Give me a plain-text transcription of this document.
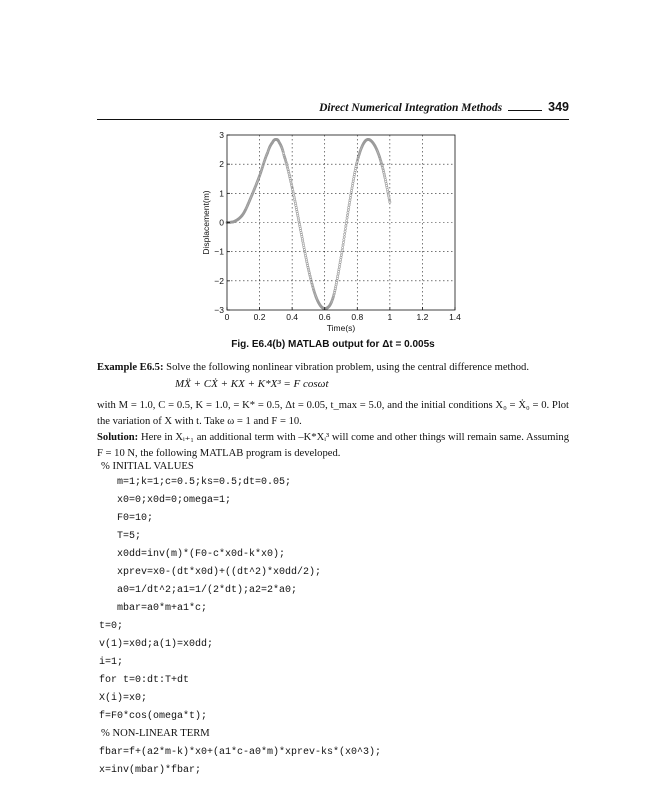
Direct Numerical Integration Methods	349
0	0.2 0.4 0.6 0.8	1	1.2 1.4
−3
−2
−1
0
1
2
3
Time(s)
Displacement(m)
Fig. E6.4(b) MATLAB output for Δt = 0.005s
Example E6.5: Solve the following nonlinear vibration problem, using the central difference method.
MẌ + CẊ + KX + K*X³ = F cosωt
with M = 1.0, C = 0.5, K = 1.0, = K* = 0.5, Δt = 0.05, t_max = 5.0, and the initial conditions X₀ = Ẋ₀ = 0. Plot the variation of X with t. Take ω = 1 and F = 10.
Solution: Here in Xᵢ₊₁ an additional term with –K*Xᵢ³ will come and other things will remain same. Assuming F = 10 N, the following MATLAB program is developed.
% INITIAL VALUES
m=1;k=1;c=0.5;ks=0.5;dt=0.05;
x0=0;x0d=0;omega=1;
F0=10;
T=5;
x0dd=inv(m)*(F0-c*x0d-k*x0);
xprev=x0-(dt*x0d)+((dt^2)*x0dd/2);
a0=1/dt^2;a1=1/(2*dt);a2=2*a0;
mbar=a0*m+a1*c;
t=0;
v(1)=x0d;a(1)=x0dd;
i=1;
for t=0:dt:T+dt
X(i)=x0;
f=F0*cos(omega*t);
% NON-LINEAR TERM
fbar=f+(a2*m-k)*x0+(a1*c-a0*m)*xprev-ks*(x0^3);
x=inv(mbar)*fbar;
